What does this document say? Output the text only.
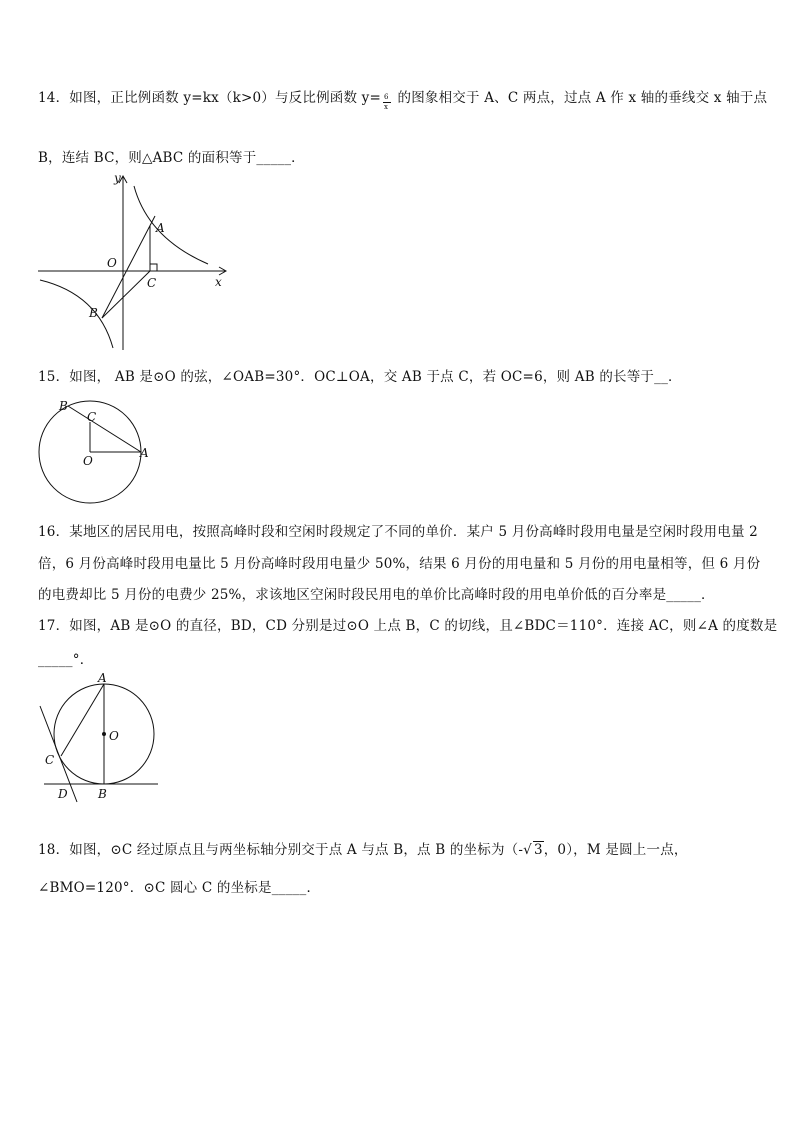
14．如图，正比例函数 y=kx（k>0）与反比例函数 $y= \frac{6}{x}$ 的图象相交于 A、C 两点，过点 A 作 x 轴的垂线交 x 轴于点
B，连结 BC，则△ABC 的面积等于_____．
y
x
O
A
C
B
15．如图， AB 是⊙O 的弦，∠OAB=30°．OC⊥OA，交 AB 于点 C，若 OC=6，则 AB 的长等于__．
B
C
O
A
16．某地区的居民用电，按照高峰时段和空闲时段规定了不同的单价．某户 5 月份高峰时段用电量是空闲时段用电量 2
倍，6 月份高峰时段用电量比 5 月份高峰时段用电量少 50%，结果 6 月份的用电量和 5 月份的用电量相等，但 6 月份
的电费却比 5 月份的电费少 25%，求该地区空闲时段民用电的单价比高峰时段的用电单价低的百分率是_____．
17．如图，AB 是⊙O 的直径，BD，CD 分别是过⊙O 上点 B，C 的切线，且∠BDC＝110°．连接 AC，则∠A 的度数是
_____°．
A
O
C
D	B
18．如图，⊙C 经过原点且与两坐标轴分别交于点 A 与点 B，点 B 的坐标为（-√ 3，0），M 是圆上一点，
∠BMO=120°．⊙C 圆心 C 的坐标是_____．
